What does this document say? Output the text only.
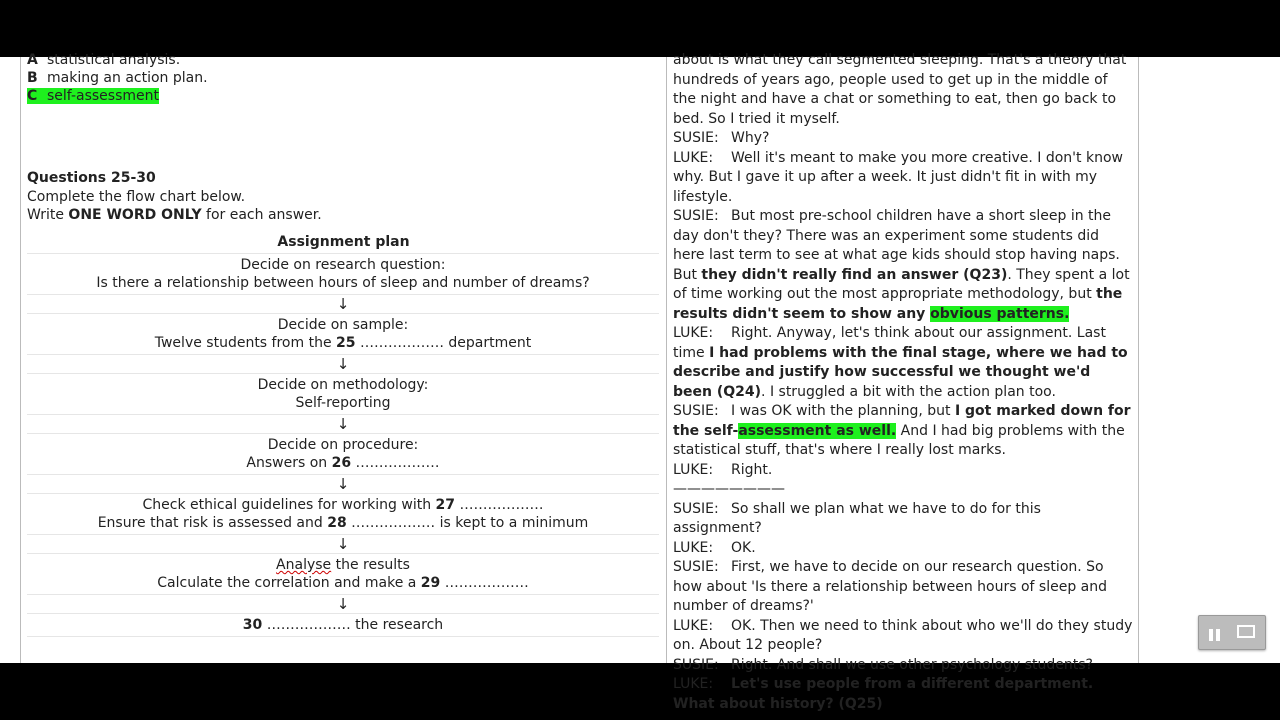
A statistical analysis.
B making an action plan.
C self-assessment
Questions 25-30
Complete the flow chart below.
Write ONE WORD ONLY for each answer.
Assignment plan
Decide on research question:
Is there a relationship between hours of sleep and number of dreams?
↓
Decide on sample:
Twelve students from the 25 ……………… department
↓
Decide on methodology:
Self-reporting
↓
Decide on procedure:
Answers on 26 ………………
↓
Check ethical guidelines for working with 27 ………………
Ensure that risk is assessed and 28 ……………… is kept to a minimum
↓
Analyse the results
Calculate the correlation and make a 29 ………………
↓
30 ……………… the research

about is what they call segmented sleeping. That's a theory that hundreds of years ago, people used to get up in the middle of the night and have a chat or something to eat, then go back to bed. So I tried it myself.

SUSIE: Why?

LUKE: Well it's meant to make you more creative. I don't know why. But I gave it up after a week. It just didn't fit in with my lifestyle.

SUSIE: But most pre-school children have a short sleep in the day don't they? There was an experiment some students did here last term to see at what age kids should stop having naps. But they didn't really find an answer (Q23). They spent a lot of time working out the most appropriate methodology, but the results didn't seem to show any obvious patterns.

LUKE: Right. Anyway, let's think about our assignment. Last time I had problems with the final stage, where we had to describe and justify how successful we thought we'd been (Q24). I struggled a bit with the action plan too.

SUSIE: I was OK with the planning, but I got marked down for the self-assessment as well. And I had big problems with the statistical stuff, that's where I really lost marks.

LUKE: Right.

————————

SUSIE: So shall we plan what we have to do for this assignment?

LUKE: OK.

SUSIE: First, we have to decide on our research question. So how about 'Is there a relationship between hours of sleep and number of dreams?'

LUKE: OK. Then we need to think about who we'll do they study on. About 12 people?

SUSIE: Right. And shall we use other psychology students?

LUKE: Let's use people from a different department. What about history? (Q25)
